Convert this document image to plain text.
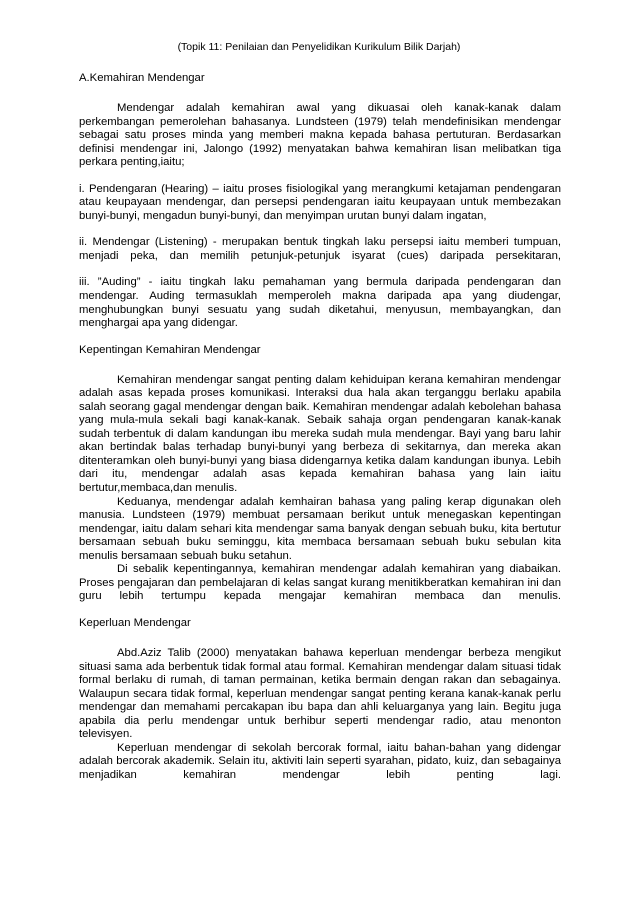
(Topik 11: Penilaian dan Penyelidikan Kurikulum Bilik Darjah)

A.Kemahiran Mendengar

Mendengar adalah kemahiran awal yang dikuasai oleh kanak-kanak dalam perkembangan pemerolehan bahasanya. Lundsteen (1979) telah mendefinisikan mendengar sebagai satu proses minda yang memberi makna kepada bahasa pertuturan. Berdasarkan definisi mendengar ini, Jalongo (1992) menyatakan bahwa kemahiran lisan melibatkan tiga perkara penting,iaitu;

i. Pendengaran (Hearing) – iaitu proses fisiologikal yang merangkumi ketajaman pendengaran atau keupayaan mendengar, dan persepsi pendengaran iaitu keupayaan untuk membezakan bunyi-bunyi, mengadun bunyi-bunyi, dan menyimpan urutan bunyi dalam ingatan,

ii. Mendengar (Listening) - merupakan bentuk tingkah laku persepsi iaitu memberi tumpuan, menjadi peka, dan memilih petunjuk-petunjuk isyarat (cues) daripada persekitaran,

iii. ”Auding” - iaitu tingkah laku pemahaman yang bermula daripada pendengaran dan mendengar. Auding termasuklah memperoleh makna daripada apa yang diudengar, menghubungkan bunyi sesuatu yang sudah diketahui, menyusun, membayangkan, dan menghargai apa yang didengar.

Kepentingan Kemahiran Mendengar

Kemahiran mendengar sangat penting dalam kehiduipan kerana kemahiran mendengar adalah asas kepada proses komunikasi. Interaksi dua hala akan terganggu berlaku apabila salah seorang gagal mendengar dengan baik. Kemahiran mendengar adalah kebolehan bahasa yang mula-mula sekali bagi kanak-kanak. Sebaik sahaja organ pendengaran kanak-kanak sudah terbentuk di dalam kandungan ibu mereka sudah mula mendengar. Bayi yang baru lahir akan bertindak balas terhadap bunyi-bunyi yang berbeza di sekitarnya, dan mereka akan ditenteramkan oleh bunyi-bunyi yang biasa didengarnya ketika dalam kandungan ibunya. Lebih dari itu, mendengar adalah asas kepada kemahiran bahasa yang lain iaitu bertutur,membaca,dan menulis.

Keduanya, mendengar adalah kemhairan bahasa yang paling kerap digunakan oleh manusia. Lundsteen (1979) membuat persamaan berikut untuk menegaskan kepentingan mendengar, iaitu dalam sehari kita mendengar sama banyak dengan sebuah buku, kita bertutur bersamaan sebuah buku seminggu, kita membaca bersamaan sebuah buku sebulan kita menulis bersamaan sebuah buku setahun.

Di sebalik kepentingannya, kemahiran mendengar adalah kemahiran yang diabaikan. Proses pengajaran dan pembelajaran di kelas sangat kurang menitikberatkan kemahiran ini dan guru lebih tertumpu kepada mengajar kemahiran membaca dan menulis.

Keperluan Mendengar

Abd.Aziz Talib (2000) menyatakan bahawa keperluan mendengar berbeza mengikut situasi sama ada berbentuk tidak formal atau formal. Kemahiran mendengar dalam situasi tidak formal berlaku di rumah, di taman permainan, ketika bermain dengan rakan dan sebagainya. Walaupun secara tidak formal, keperluan mendengar sangat penting kerana kanak-kanak perlu mendengar dan memahami percakapan ibu bapa dan ahli keluarganya yang lain. Begitu juga apabila dia perlu mendengar untuk berhibur seperti mendengar radio, atau menonton televisyen.

Keperluan mendengar di sekolah bercorak formal, iaitu bahan-bahan yang didengar adalah bercorak akademik. Selain itu, aktiviti lain seperti syarahan, pidato, kuiz, dan sebagainya menjadikan kemahiran mendengar lebih penting lagi.
